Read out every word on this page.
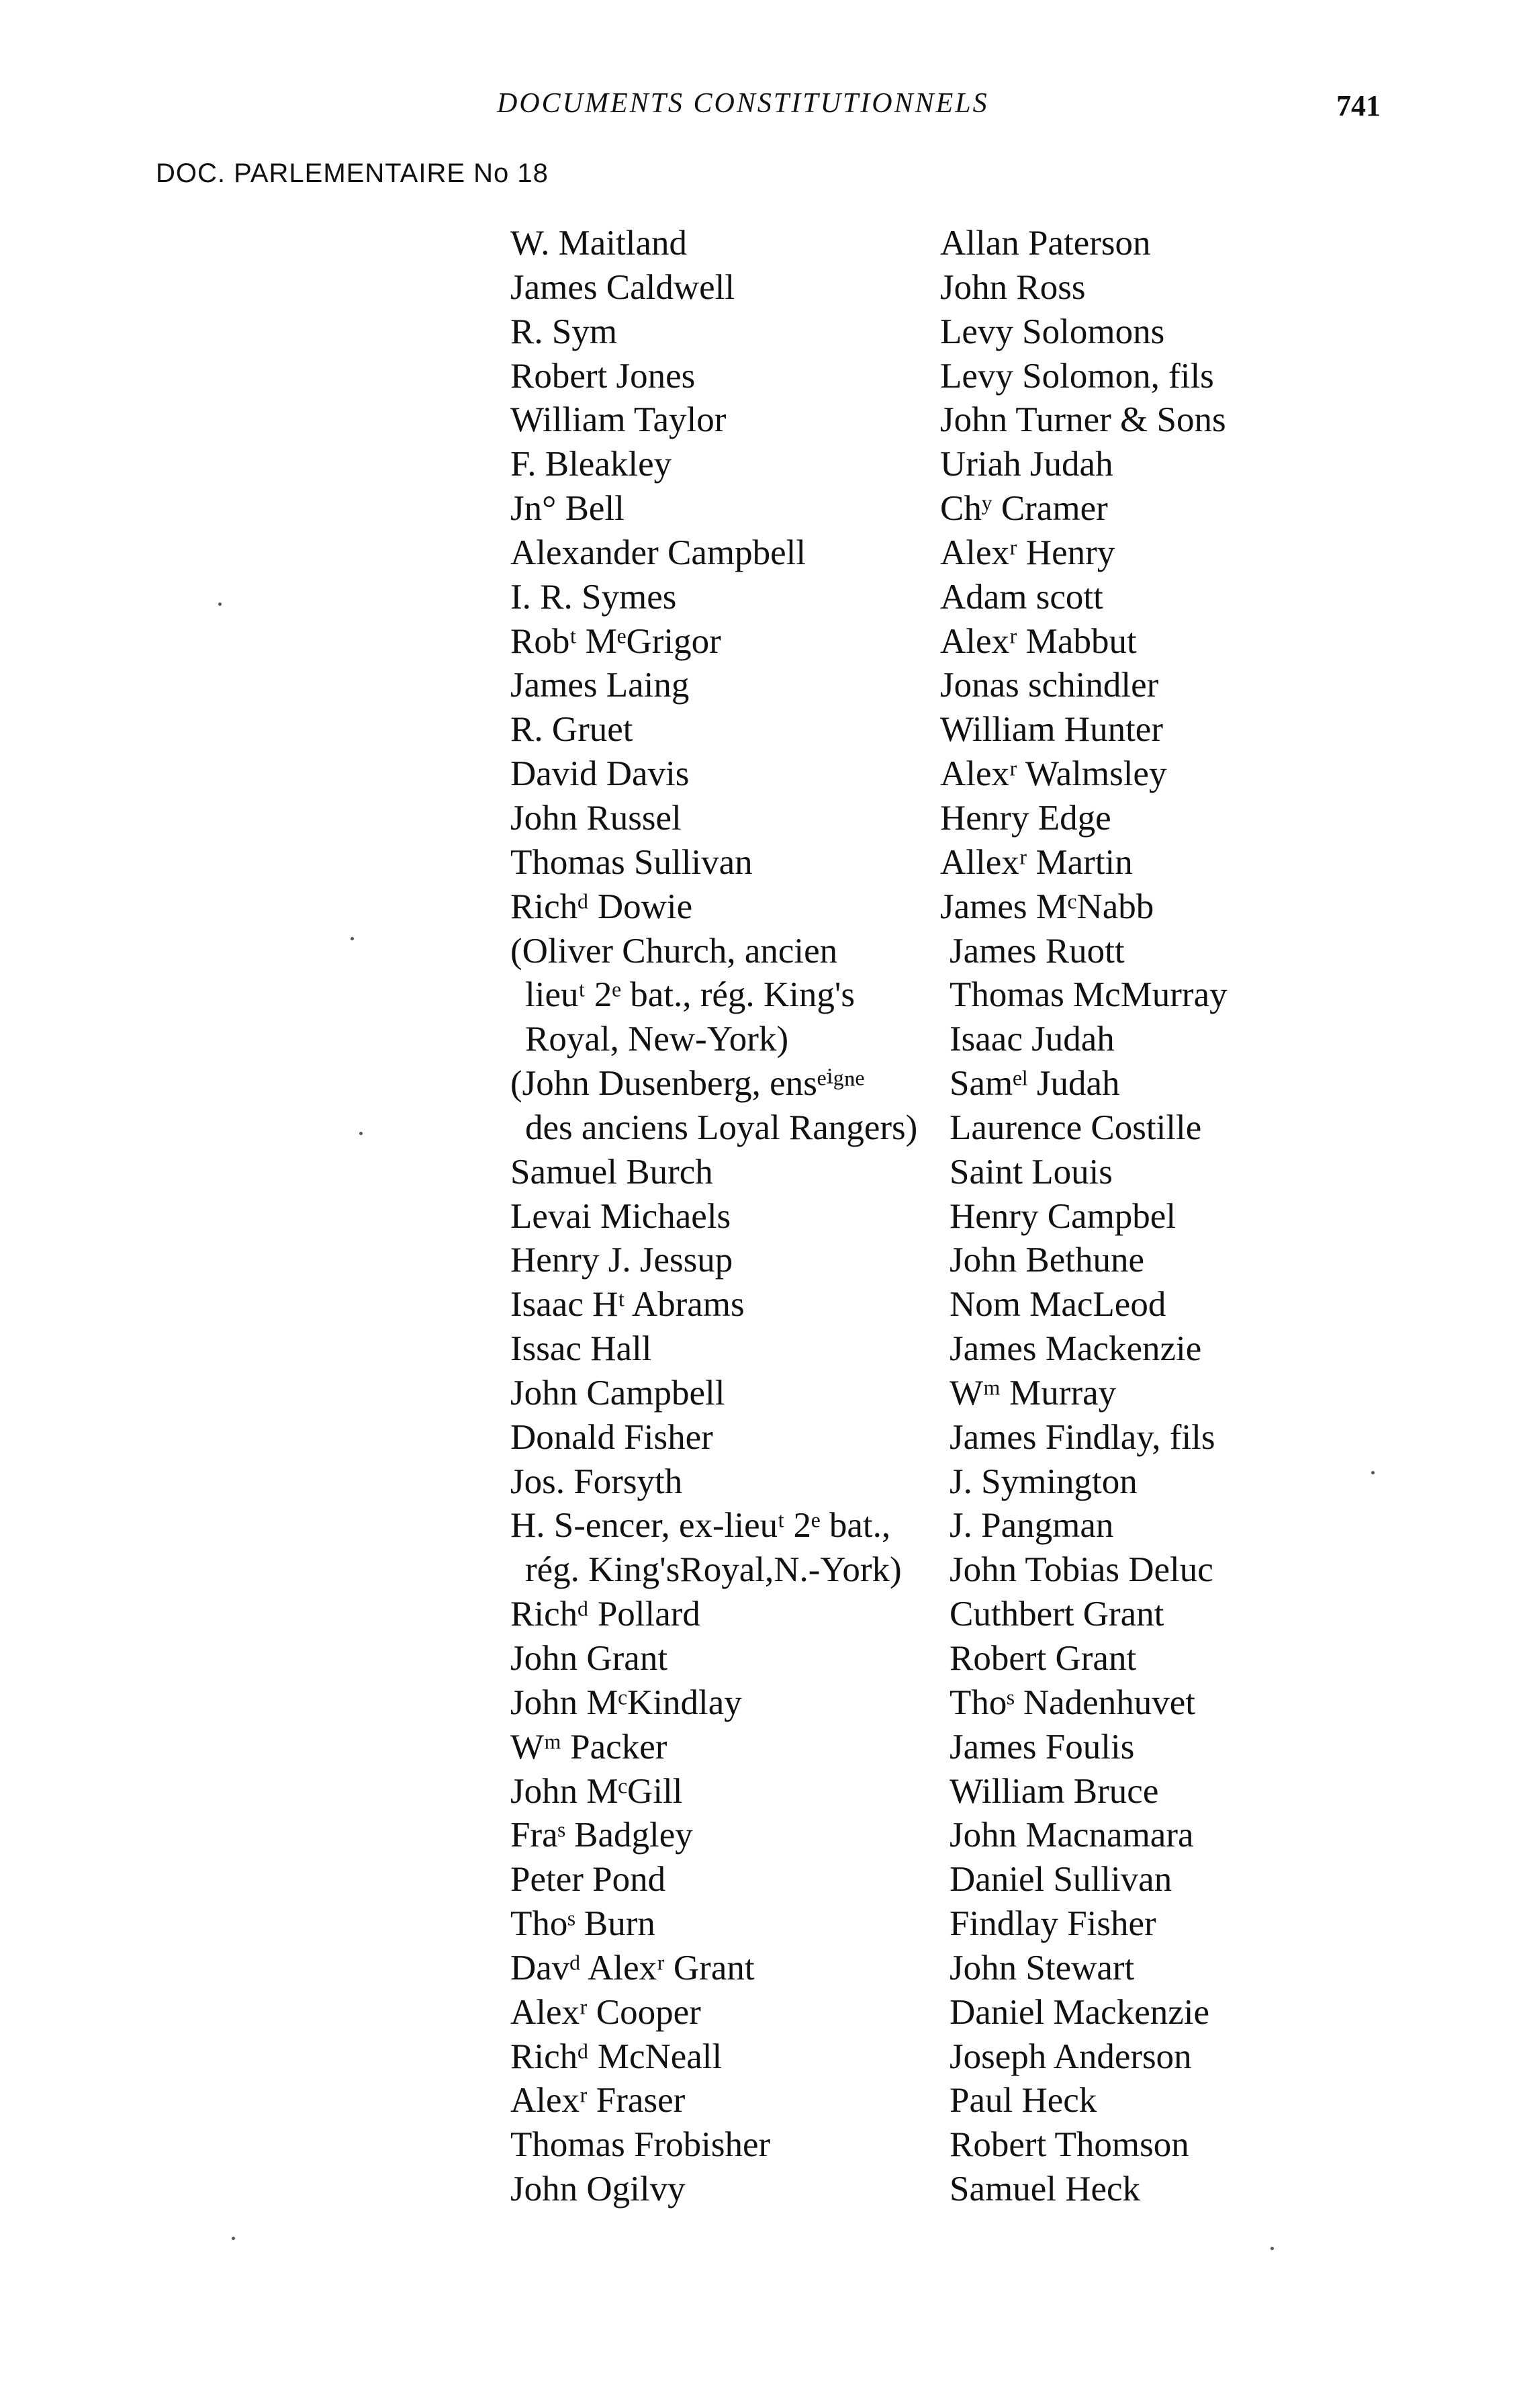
DOCUMENTS CONSTITUTIONNELS	741
DOC. PARLEMENTAIRE No 18
W. Maitland
James Caldwell
R. Sym
Robert Jones
William Taylor
F. Bleakley
Jn° Bell
Alexander Campbell
I. R. Symes
Robᵗ MᵉGrigor
James Laing
R. Gruet
David Davis
John Russel
Thomas Sullivan
Richᵈ Dowie
(Oliver Church, ancien
lieuᵗ 2ᵉ bat., rég. King's
Royal, New-York)
(John Dusenberg, ensᵉⁱᵍⁿᵉ
des anciens Loyal Rangers)
Samuel Burch
Levai Michaels
Henry J. Jessup
Isaac Hᵗ Abrams
Issac Hall
John Campbell
Donald Fisher
Jos. Forsyth
H. S-encer, ex-lieuᵗ 2ᵉ bat.,
rég. King'sRoyal,N.-York)
Richᵈ Pollard
John Grant
John MᶜKindlay
Wᵐ Packer
John MᶜGill
Fraˢ Badgley
Peter Pond
Thoˢ Burn
Davᵈ Alexʳ Grant
Alexʳ Cooper
Richᵈ McNeall
Alexʳ Fraser
Thomas Frobisher
John Ogilvy
Allan Paterson
John Ross
Levy Solomons
Levy Solomon, fils
John Turner & Sons
Uriah Judah
Chʸ Cramer
Alexʳ Henry
Adam scott
Alexʳ Mabbut
Jonas schindler
William Hunter
Alexʳ Walmsley
Henry Edge
Allexʳ Martin
James MᶜNabb
James Ruott
Thomas McMurray
Isaac Judah
Samᵉˡ Judah
Laurence Costille
Saint Louis
Henry Campbel
John Bethune
Nom MacLeod
James Mackenzie
Wᵐ Murray
James Findlay, fils
J. Symington
J. Pangman
John Tobias Deluc
Cuthbert Grant
Robert Grant
Thoˢ Nadenhuvet
James Foulis
William Bruce
John Macnamara
Daniel Sullivan
Findlay Fisher
John Stewart
Daniel Mackenzie
Joseph Anderson
Paul Heck
Robert Thomson
Samuel Heck
